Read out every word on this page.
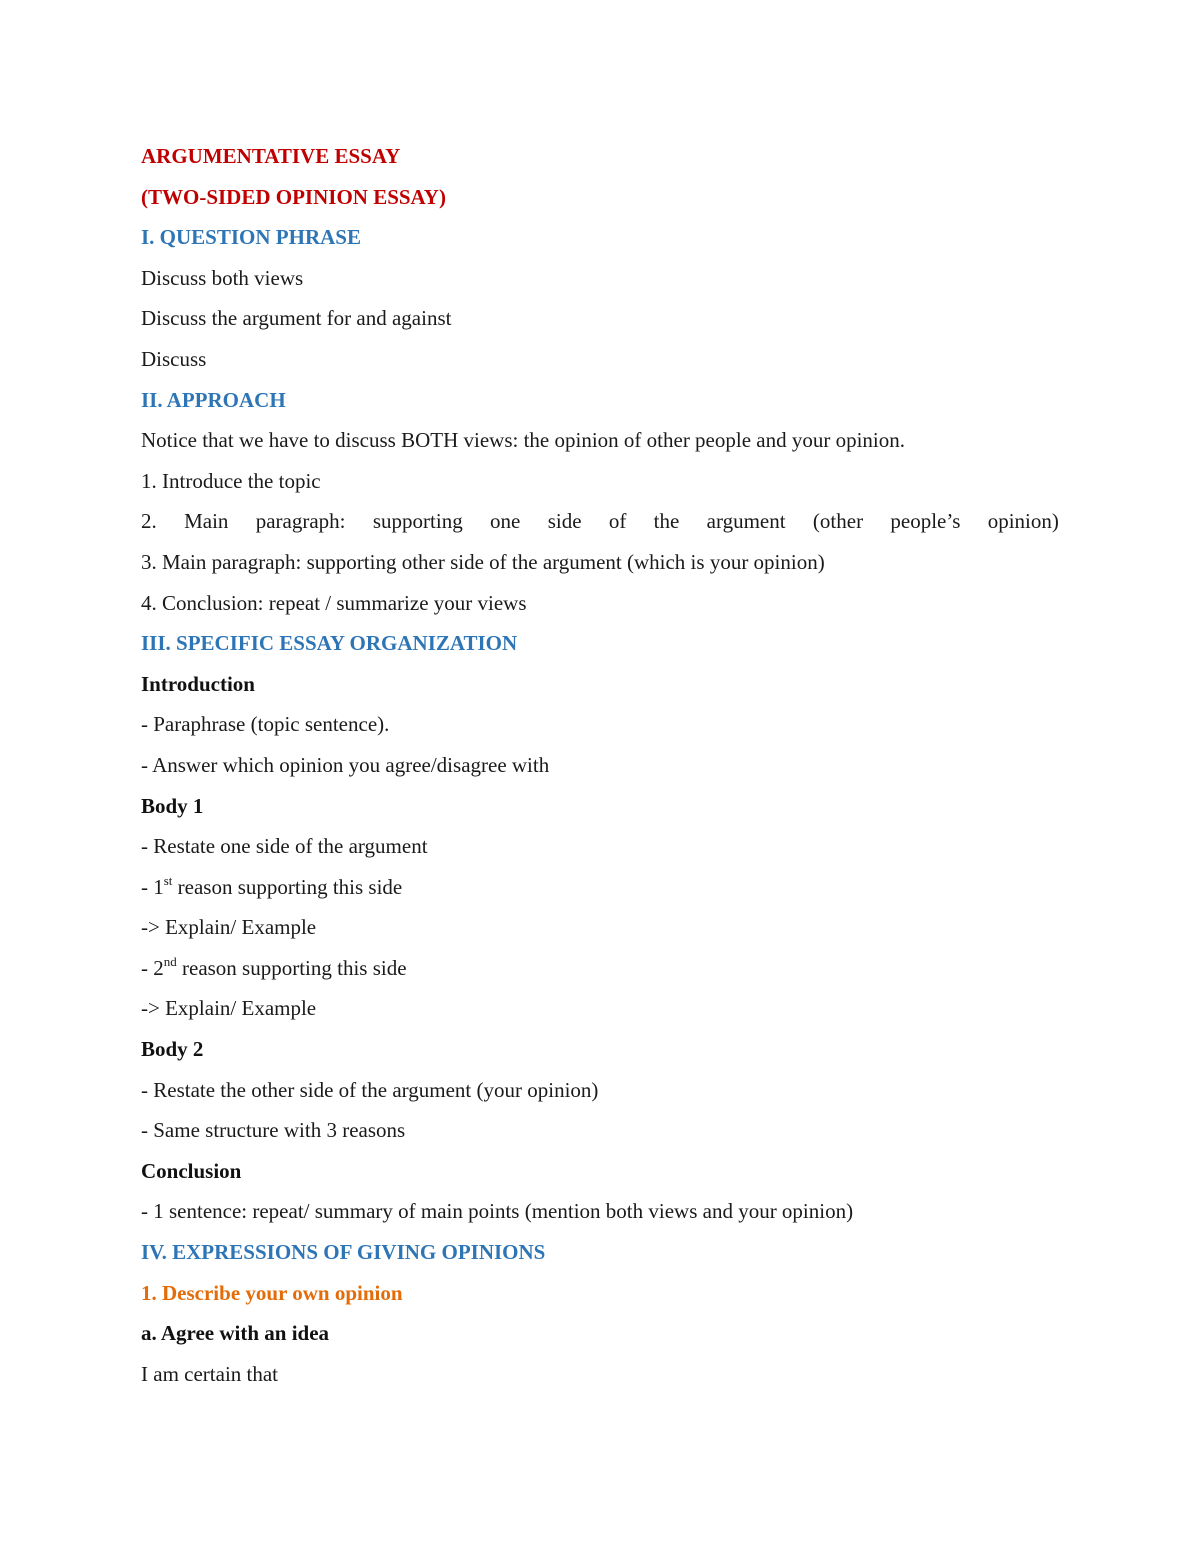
ARGUMENTATIVE ESSAY
(TWO-SIDED OPINION ESSAY)
I. QUESTION PHRASE
Discuss both views
Discuss the argument for and against
Discuss
II. APPROACH
Notice that we have to discuss BOTH views: the opinion of other people and your opinion.
1. Introduce the topic
2. Main paragraph: supporting one side of the argument (other people’s opinion)
3. Main paragraph: supporting other side of the argument (which is your opinion)
4. Conclusion: repeat / summarize your views
III. SPECIFIC ESSAY ORGANIZATION
Introduction
- Paraphrase (topic sentence).
- Answer which opinion you agree/disagree with
Body 1
- Restate one side of the argument
- 1st reason supporting this side
-> Explain/ Example
- 2nd reason supporting this side
-> Explain/ Example
Body 2
- Restate the other side of the argument (your opinion)
- Same structure with 3 reasons
Conclusion
- 1 sentence: repeat/ summary of main points (mention both views and your opinion)
IV. EXPRESSIONS OF GIVING OPINIONS
1. Describe your own opinion
a. Agree with an idea
I am certain that
